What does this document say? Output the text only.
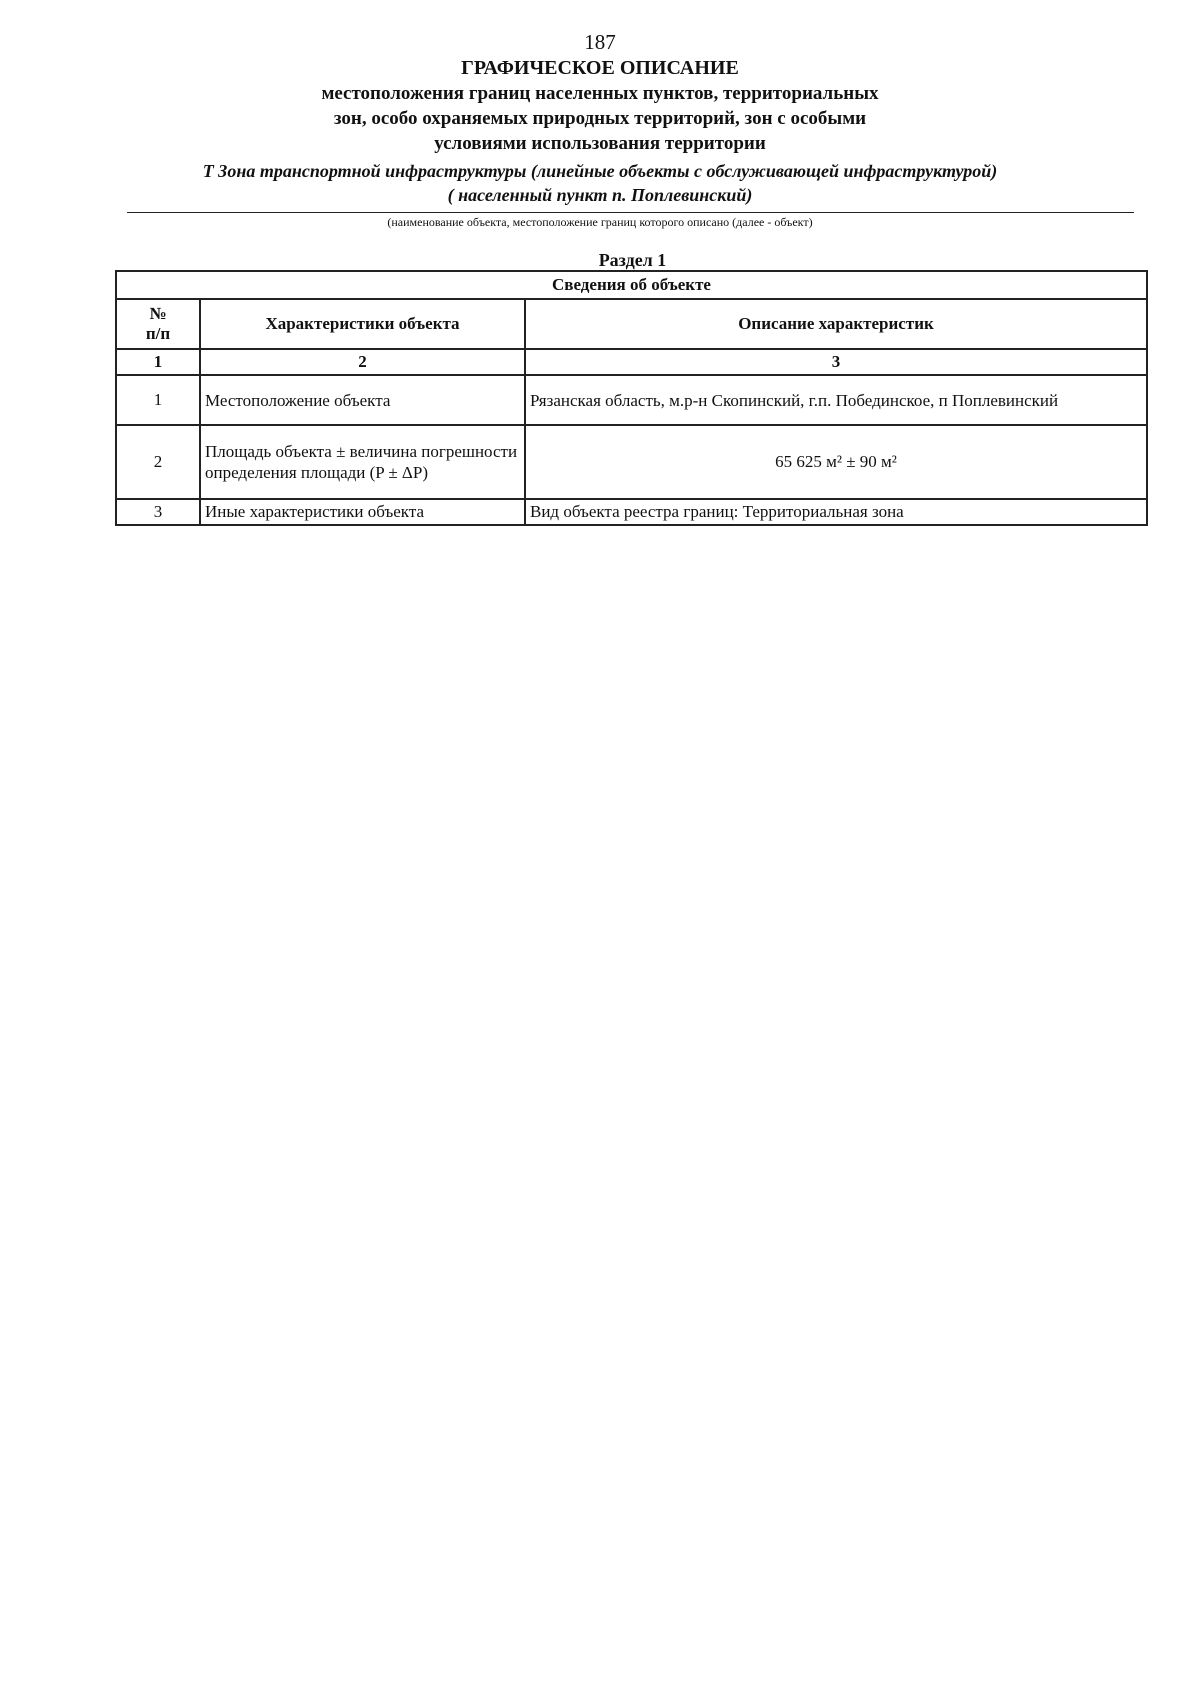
187
ГРАФИЧЕСКОЕ ОПИСАНИЕ
местоположения границ населенных пунктов, территориальных
зон, особо охраняемых природных территорий, зон с особыми
условиями использования территории
Т Зона транспортной инфраструктуры (линейные объекты с обслуживающей инфраструктурой)
( населенный пункт п. Поплевинский)
(наименование объекта, местоположение границ которого описано (далее - объект)
Раздел 1
Сведения об объекте		
№
п/п	Характеристики объекта	Описание характеристик
1	2	3
1	Местоположение объекта	Рязанская область, м.р-н Скопинский, г.п. Побединское, п Поплевинский
2	Площадь объекта ± величина погрешности определения площади (P ± ΔP)	65 625 м² ± 90 м²
3	Иные характеристики объекта	Вид объекта реестра границ: Территориальная зона
